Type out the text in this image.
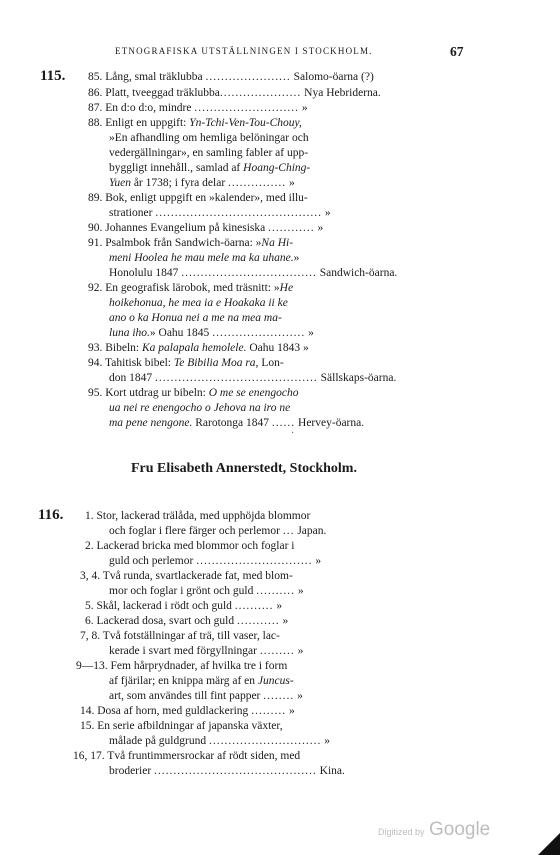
ETNOGRAFISKA UTSTÄLLNINGEN I STOCKHOLM.	67
115. 85. Lång, smal träklubba ...................... Salomo-öarna (?)
86. Platt, tveeggad träklubba..................... Nya Hebriderna.
87. En d:o d:o, mindre ........................... »
88. Enligt en uppgift: Yn-Tchi-Ven-Tou-Chouy,
»En afhandling om hemliga belöningar och
vedergällningar», en samling fabler af upp-
byggligt innehåll., samlad af Hoang-Ching-
Yuen år 1738; i fyra delar ............... »
89. Bok, enligt uppgift en »kalender», med illu-
strationer ........................................... »
90. Johannes Evangelium på kinesiska ............ »
91. Psalmbok från Sandwich-öarna: »Na Hi-
meni Hoolea he mau mele ma ka uhane.»
Honolulu 1847 ................................... Sandwich-öarna.
92. En geografisk lärobok, med träsnitt: »He
hoikehonua, he mea ia e Hoakaka ii ke
ano o ka Honua nei a me na mea ma-
luna iho.» Oahu 1845 ........................ »
93. Bibeln: Ka palapala hemolele. Oahu 1843 »
94. Tahitisk bibel: Te Bibilia Moa ra, Lon-
don 1847 .......................................... Sällskaps-öarna.
95. Kort utdrag ur bibeln: O me se enengocho
ua nei re enengocho o Jehova na iro ne
ma pene nengone. Rarotonga 1847 ...... Hervey-öarna.
·
Fru Elisabeth Annerstedt, Stockholm.
116. 1. Stor, lackerad trälåda, med upphöjda blommor
och foglar i flere färger och perlemor ... Japan.
2. Lackerad bricka med blommor och foglar i
guld och perlemor .............................. »
3, 4. Två runda, svartlackerade fat, med blom-
mor och foglar i grönt och guld .......... »
5. Skål, lackerad i rödt och guld .......... »
6. Lackerad dosa, svart och guld ........... »
7, 8. Två fotställningar af trä, till vaser, lac-
kerade i svart med förgyllningar ......... »
9—13. Fem hårprydnader, af hvilka tre i form
af fjärilar; en knippa märg af en Juncus-
art, som användes till fint papper ........ »
14. Dosa af horn, med guldlackering ......... »
15. En serie afbildningar af japanska växter,
målade på guldgrund ............................. »
16, 17. Två fruntimmersrockar af rödt siden, med
broderier .......................................... Kina.
Digitized by Google
